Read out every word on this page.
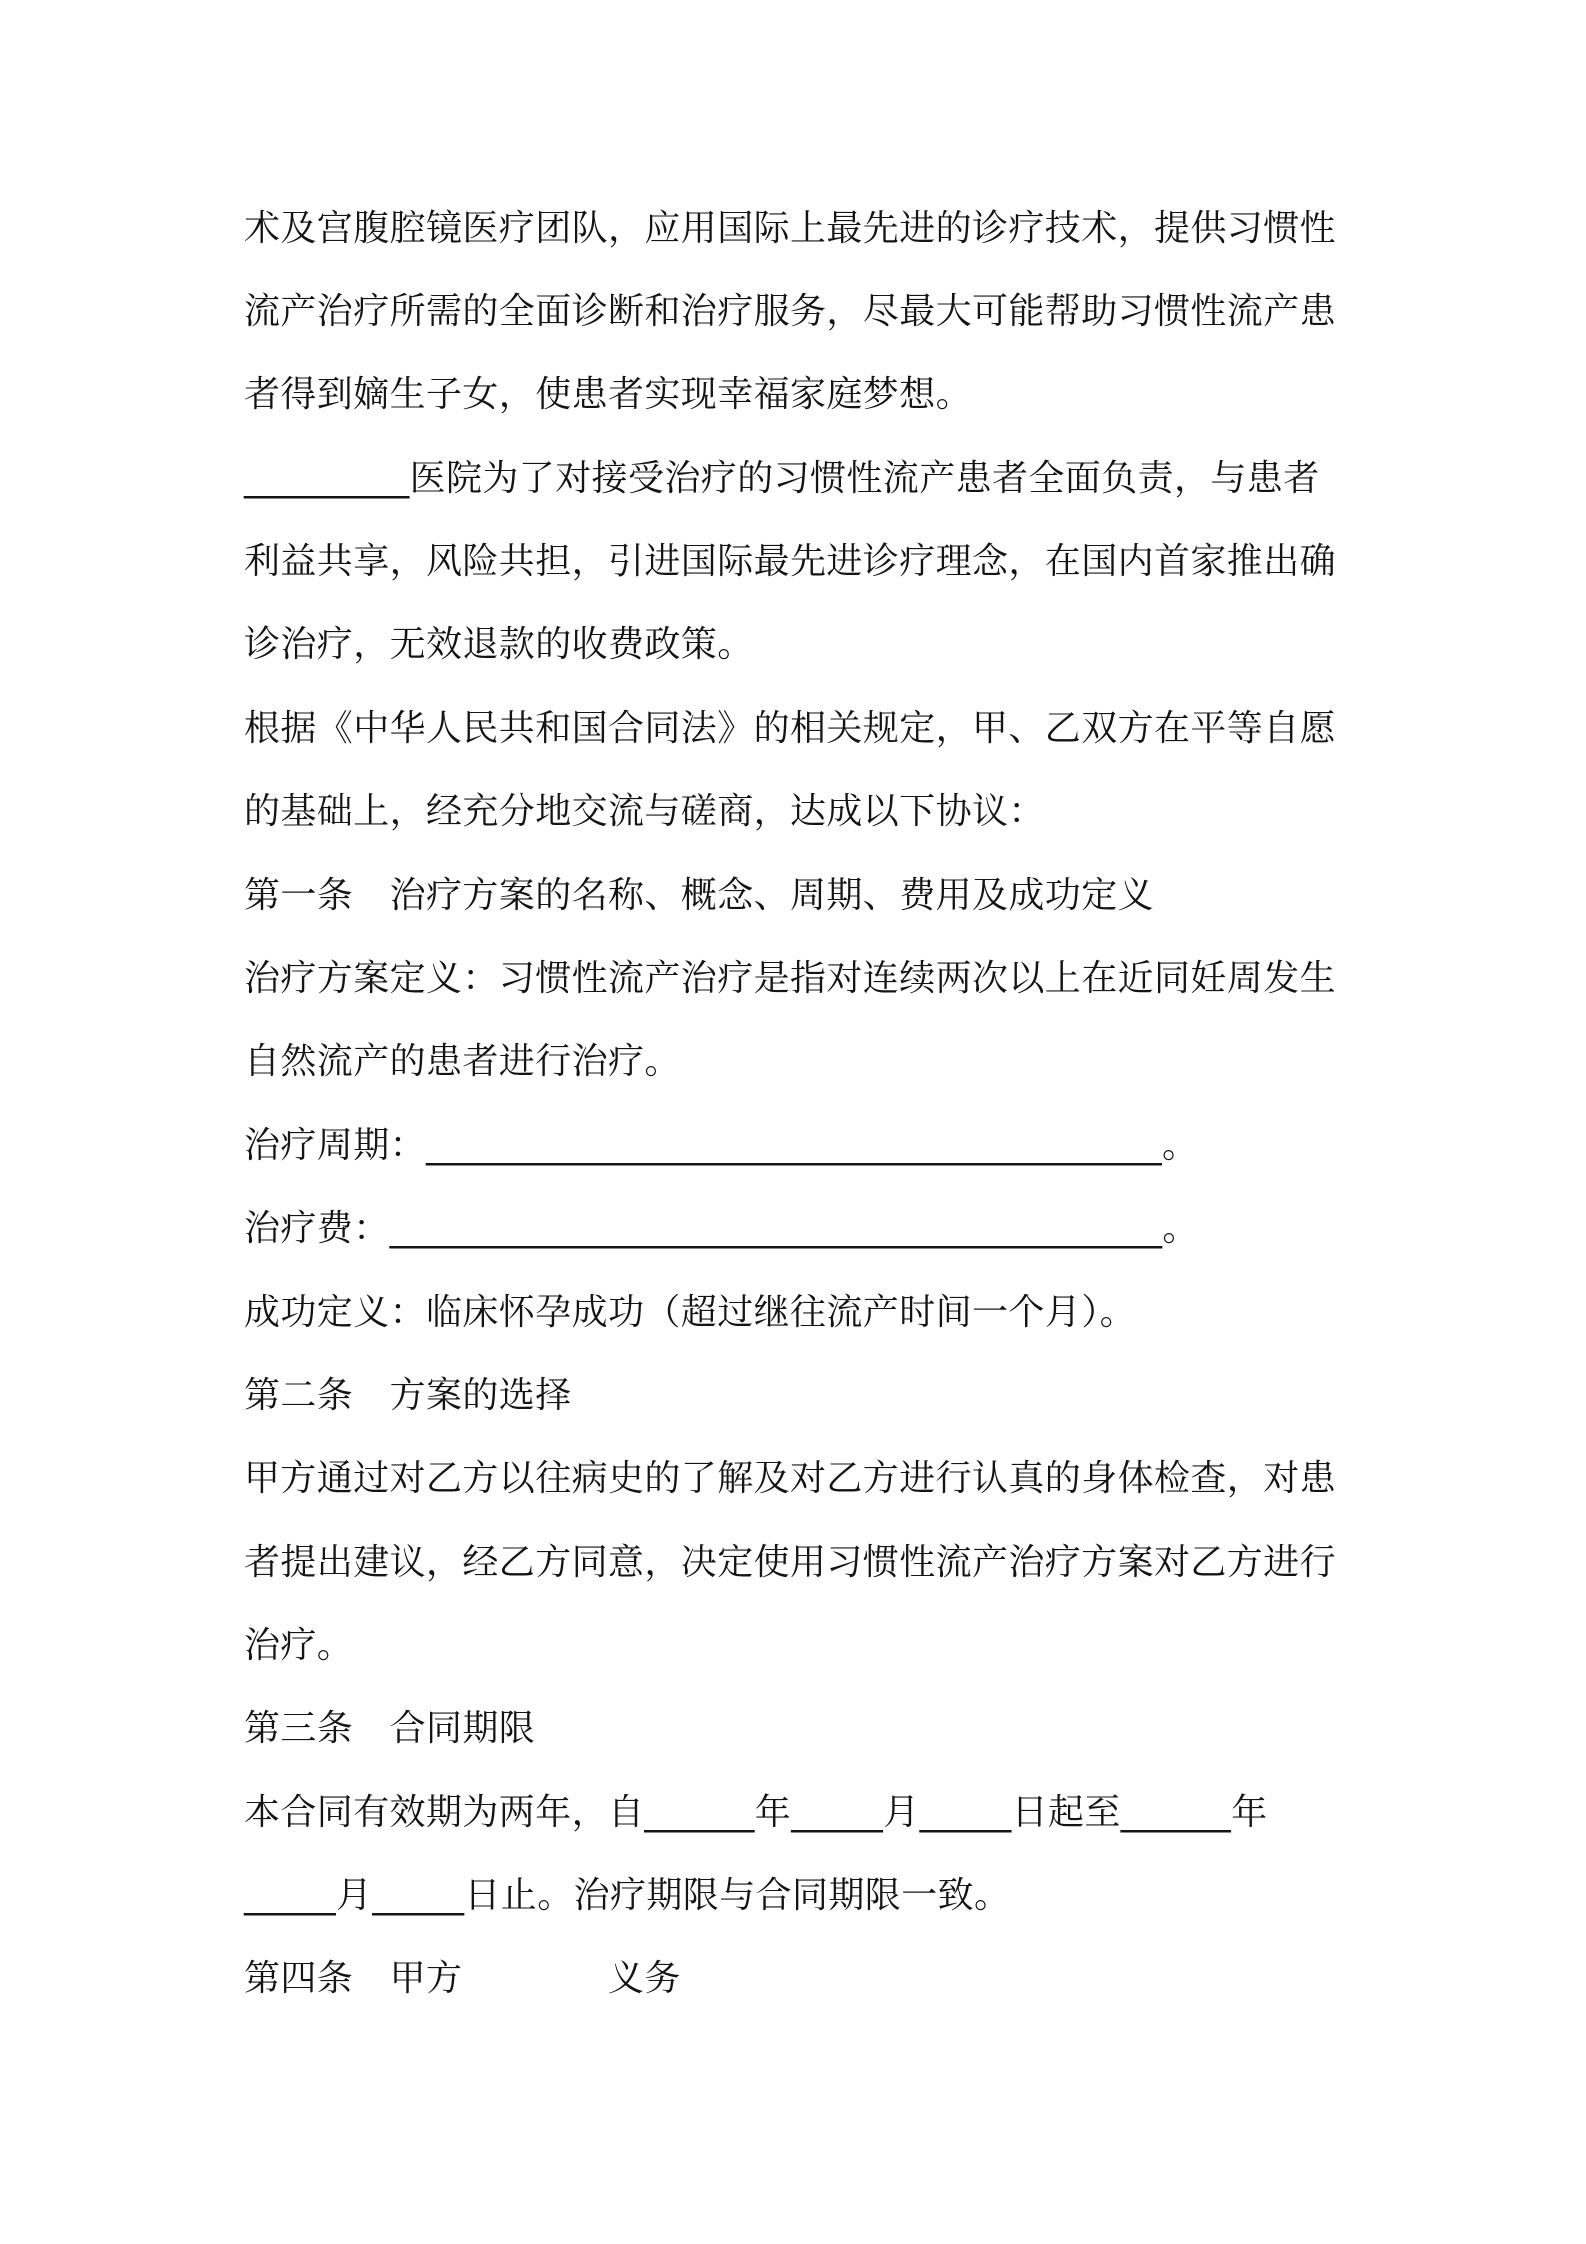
术及宫腹腔镜医疗团队，应用国际上最先进的诊疗技术，提供习惯性
流产治疗所需的全面诊断和治疗服务，尽最大可能帮助习惯性流产患
者得到嫡生子女，使患者实现幸福家庭梦想。
_________医院为了对接受治疗的习惯性流产患者全面负责，与患者
利益共享，风险共担，引进国际最先进诊疗理念，在国内首家推出确
诊治疗，无效退款的收费政策。
根据《中华人民共和国合同法》的相关规定，甲、乙双方在平等自愿
的基础上，经充分地交流与磋商，达成以下协议：
第一条　治疗方案的名称、概念、周期、费用及成功定义
治疗方案定义：习惯性流产治疗是指对连续两次以上在近同妊周发生
自然流产的患者进行治疗。
治疗周期：________________________________________。
治疗费：__________________________________________。
成功定义：临床怀孕成功（超过继往流产时间一个月）。
第二条　方案的选择
甲方通过对乙方以往病史的了解及对乙方进行认真的身体检查，对患
者提出建议，经乙方同意，决定使用习惯性流产治疗方案对乙方进行
治疗。
第三条　合同期限
本合同有效期为两年，自______年_____月_____日起至______年
_____月_____日止。治疗期限与合同期限一致。
第四条　甲方　　　　义务
